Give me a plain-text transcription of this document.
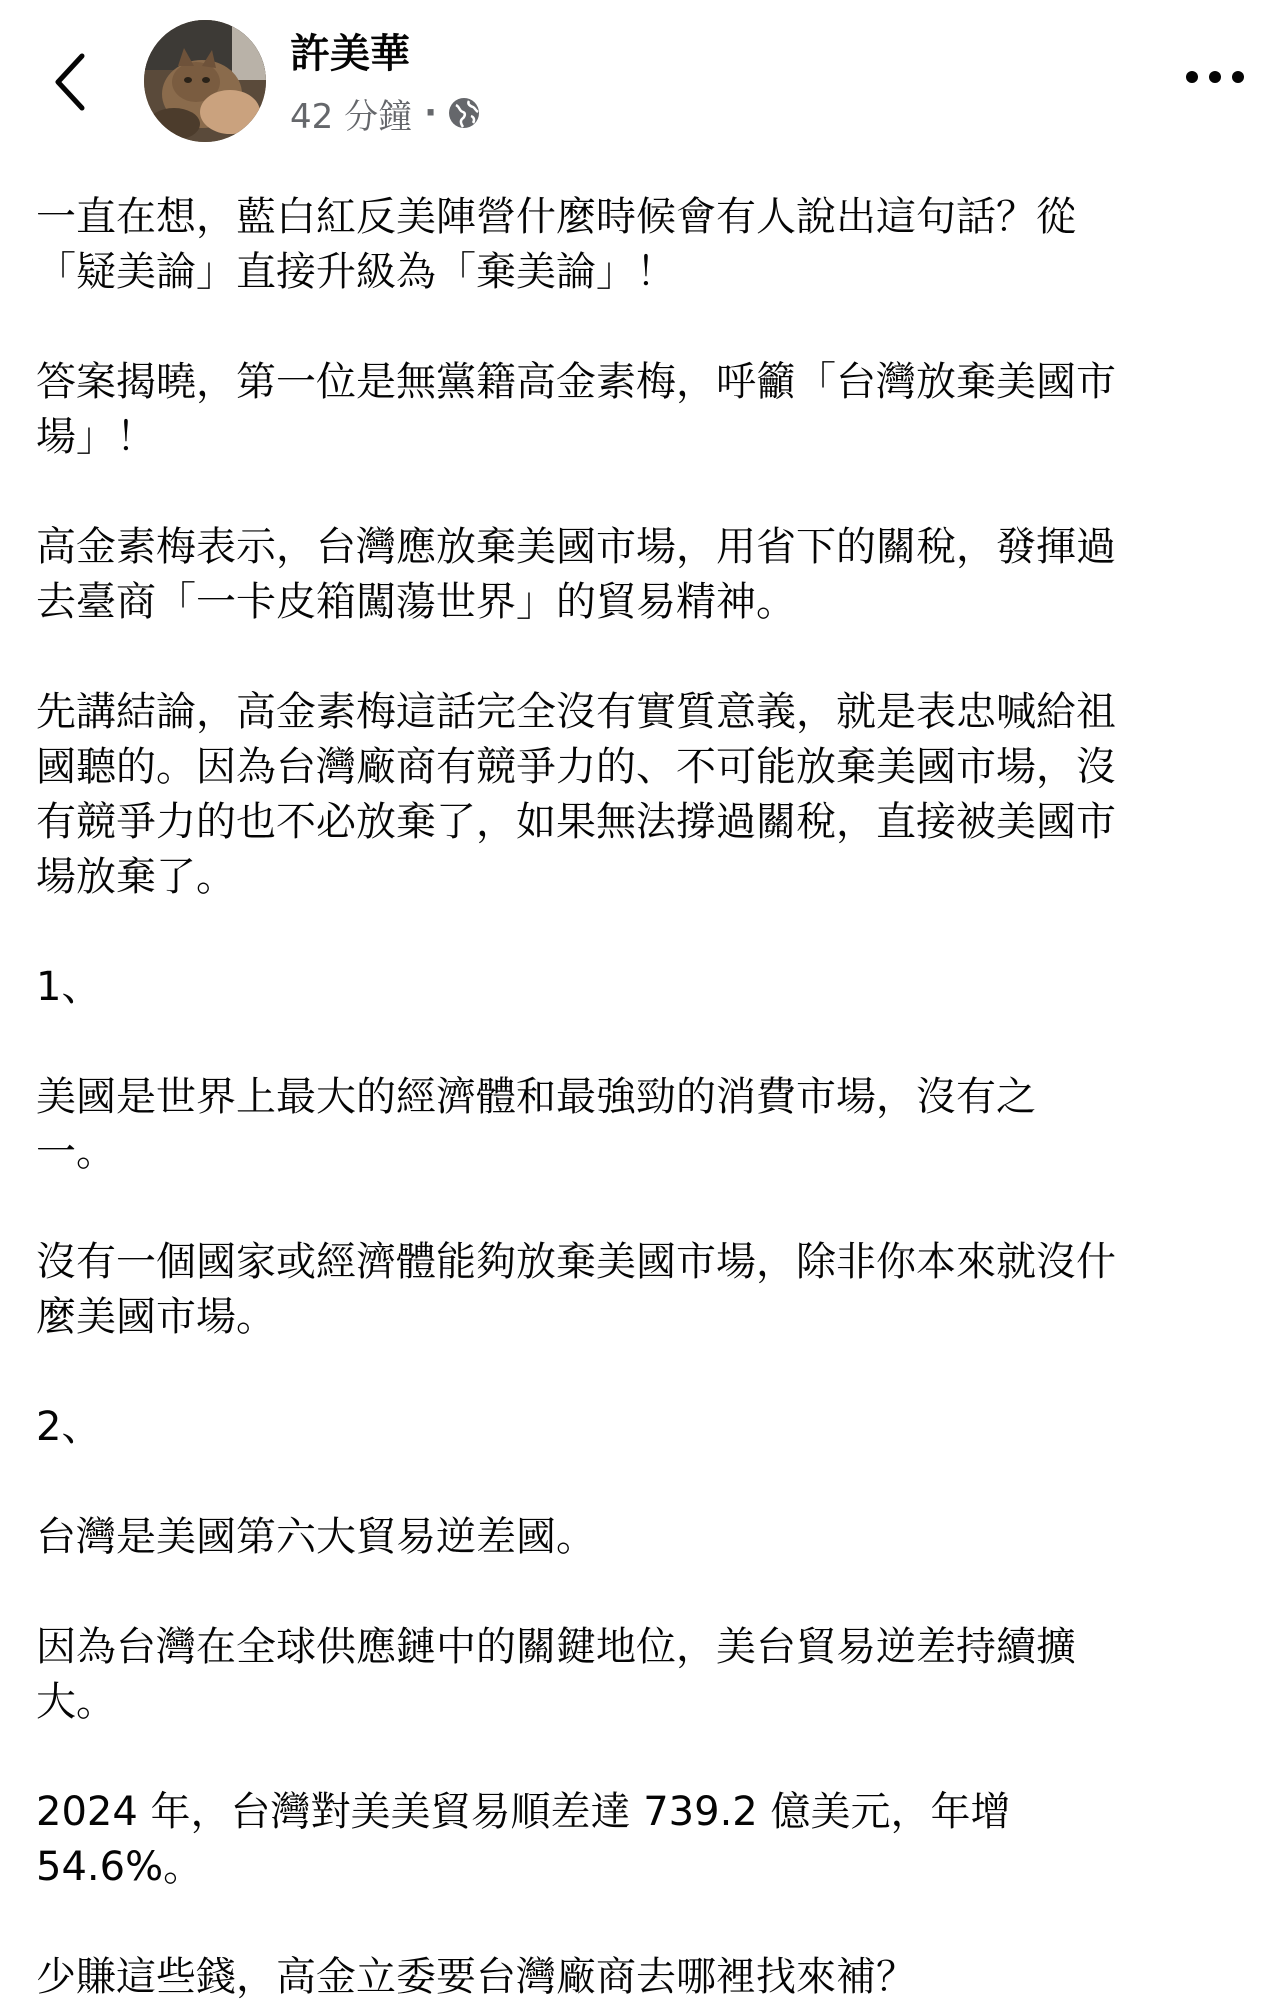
許美華
42 分鐘 ·

一直在想，藍白紅反美陣營什麼時候會有人說出這句話？從
「疑美論」直接升級為「棄美論」！

答案揭曉，第一位是無黨籍高金素梅，呼籲「台灣放棄美國市
場」！

高金素梅表示，台灣應放棄美國市場，用省下的關稅，發揮過
去臺商「一卡皮箱闖蕩世界」的貿易精神。

先講結論，高金素梅這話完全沒有實質意義，就是表忠喊給祖
國聽的。因為台灣廠商有競爭力的、不可能放棄美國市場，沒
有競爭力的也不必放棄了，如果無法撐過關稅，直接被美國市
場放棄了。

1、

美國是世界上最大的經濟體和最強勁的消費市場，沒有之
一。

沒有一個國家或經濟體能夠放棄美國市場，除非你本來就沒什
麼美國市場。

2、

台灣是美國第六大貿易逆差國。

因為台灣在全球供應鏈中的關鍵地位，美台貿易逆差持續擴
大。

2024 年，台灣對美美貿易順差達 739.2 億美元，年增
54.6%。

少賺這些錢，高金立委要台灣廠商去哪裡找來補？
